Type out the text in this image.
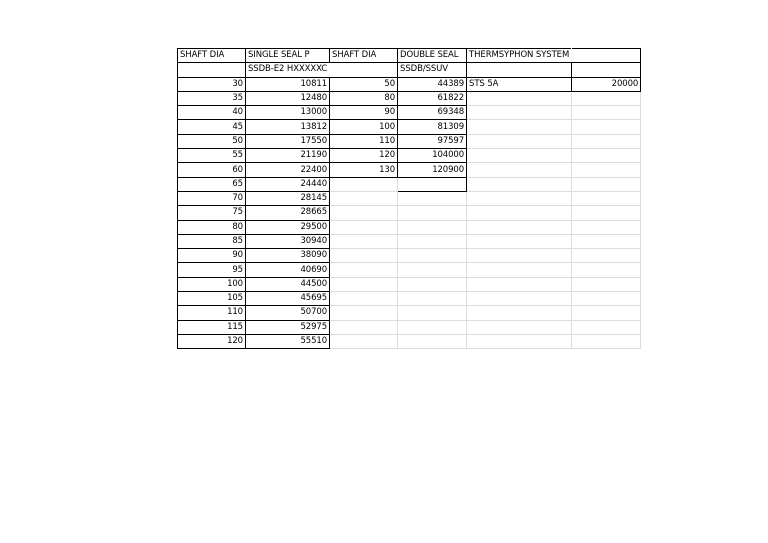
SHAFT DIA	SINGLE SEAL P	SHAFT DIA	DOUBLE SEAL	THERMSYPHON SYSTEM	
	SSDB-E2 HXXXXXC		SSDB/SSUV		
30	10811	50	44389	STS 5A	20000
35	12480	80	61822		
40	13000	90	69348		
45	13812	100	81309		
50	17550	110	97597		
55	21190	120	104000		
60	22400	130	120900		
65	24440				
70	28145				
75	28665				
80	29500				
85	30940				
90	38090				
95	40690				
100	44500				
105	45695				
110	50700				
115	52975				
120	55510				
